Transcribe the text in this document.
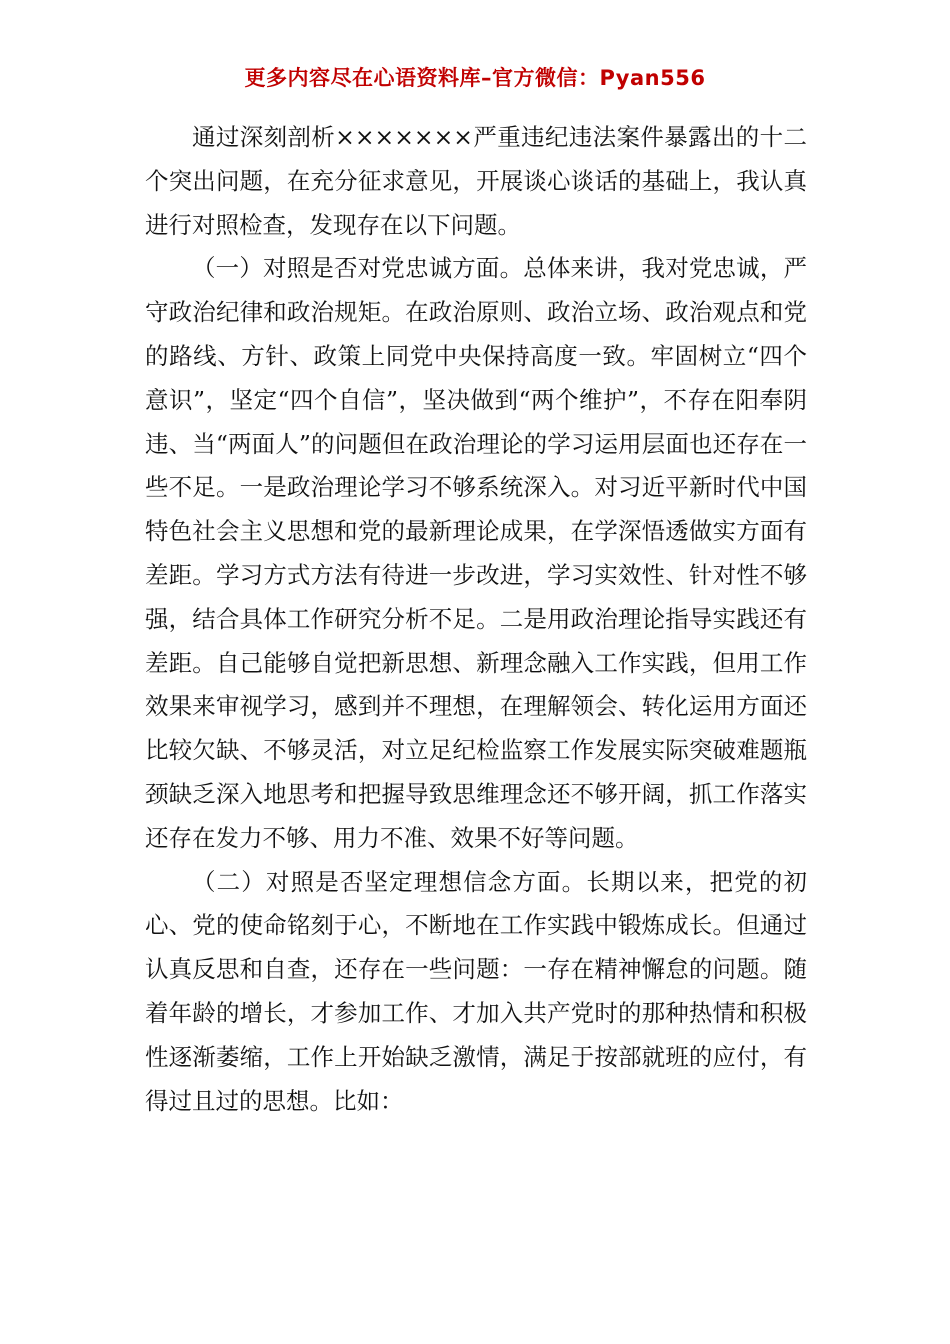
更多内容尽在心语资料库–官方微信：Pyan556

通过深刻剖析×××××××严重违纪违法案件暴露出的十二个突出问题，在充分征求意见，开展谈心谈话的基础上，我认真进行对照检查，发现存在以下问题。

（一）对照是否对党忠诚方面。总体来讲，我对党忠诚，严守政治纪律和政治规矩。在政治原则、政治立场、政治观点和党的路线、方针、政策上同党中央保持高度一致。牢固树立“四个意识”，坚定“四个自信”，坚决做到“两个维护”，不存在阳奉阴违、当“两面人”的问题但在政治理论的学习运用层面也还存在一些不足。一是政治理论学习不够系统深入。对习近平新时代中国特色社会主义思想和党的最新理论成果，在学深悟透做实方面有差距。学习方式方法有待进一步改进，学习实效性、针对性不够强，结合具体工作研究分析不足。二是用政治理论指导实践还有差距。自己能够自觉把新思想、新理念融入工作实践，但用工作效果来审视学习，感到并不理想，在理解领会、转化运用方面还比较欠缺、不够灵活，对立足纪检监察工作发展实际突破难题瓶颈缺乏深入地思考和把握导致思维理念还不够开阔，抓工作落实还存在发力不够、用力不准、效果不好等问题。

（二）对照是否坚定理想信念方面。长期以来，把党的初心、党的使命铭刻于心，不断地在工作实践中锻炼成长。但通过认真反思和自查，还存在一些问题：一存在精神懈怠的问题。随着年龄的增长，才参加工作、才加入共产党时的那种热情和积极性逐渐萎缩，工作上开始缺乏激情，满足于按部就班的应付，有得过且过的思想。比如：
